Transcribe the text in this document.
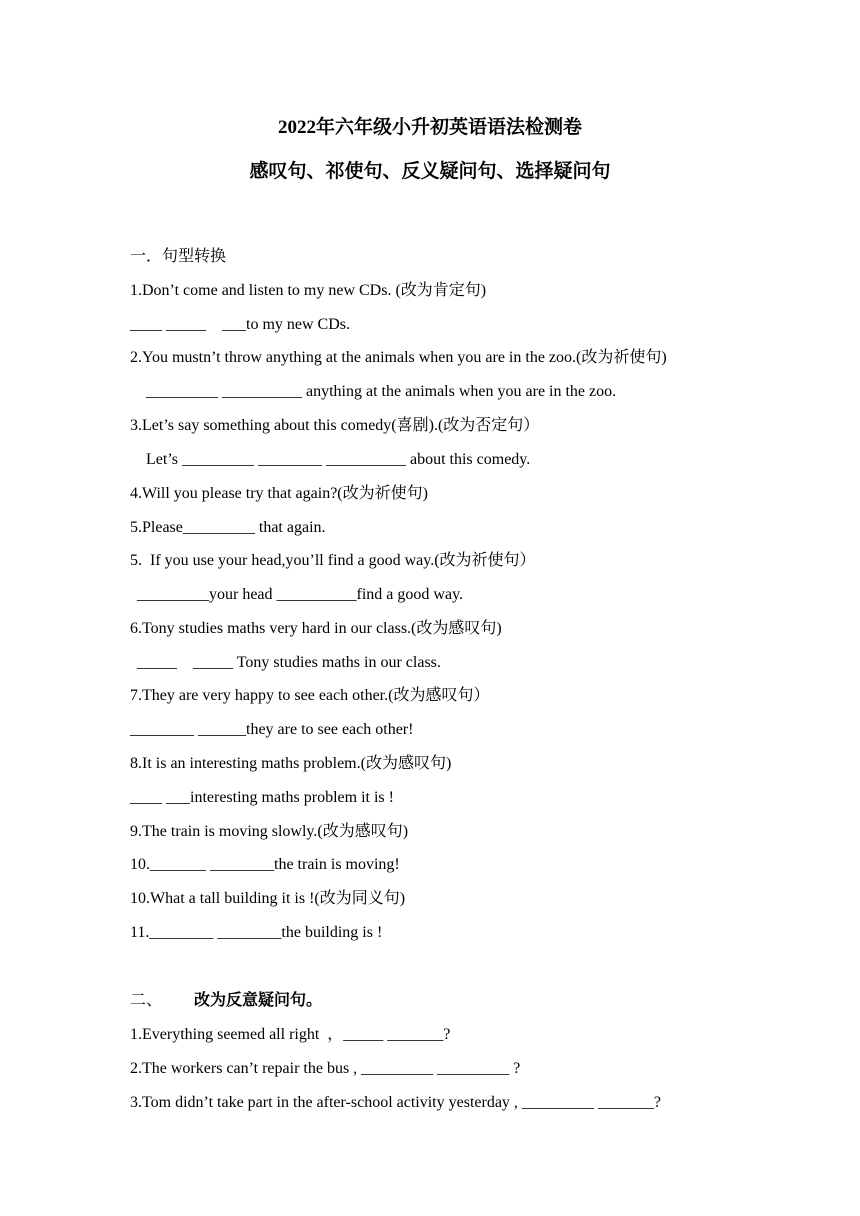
2022年六年级小升初英语语法检测卷
感叹句、祁使句、反义疑问句、选择疑问句
一．句型转换
1.Don’t come and listen to my new CDs. (改为肯定句)
____ _____    ___to my new CDs.
2.You mustn’t throw anything at the animals when you are in the zoo.(改为祈使句)
_________ __________ anything at the animals when you are in the zoo.
3.Let’s say something about this comedy(喜剧).(改为否定句）
Let’s _________ ________ __________ about this comedy.
4.Will you please try that again?(改为祈使句)
5.Please_________ that again.
5.  If you use your head,you’ll find a good way.(改为祈使句）
_________your head __________find a good way.
6.Tony studies maths very hard in our class.(改为感叹句)
_____    _____ Tony studies maths in our class.
7.They are very happy to see each other.(改为感叹句）
________ ______they are to see each other!
8.It is an interesting maths problem.(改为感叹句)
____ ___interesting maths problem it is !
9.The train is moving slowly.(改为感叹句)
10._______ ________the train is moving!
10.What a tall building it is !(改为同义句)
11.________ ________the building is !
二、 改为反意疑问句。
1.Everything seemed all right  ，_____ _______?
2.The workers can’t repair the bus , _________ _________ ?
3.Tom didn’t take part in the after-school activity yesterday , _________ _______?
